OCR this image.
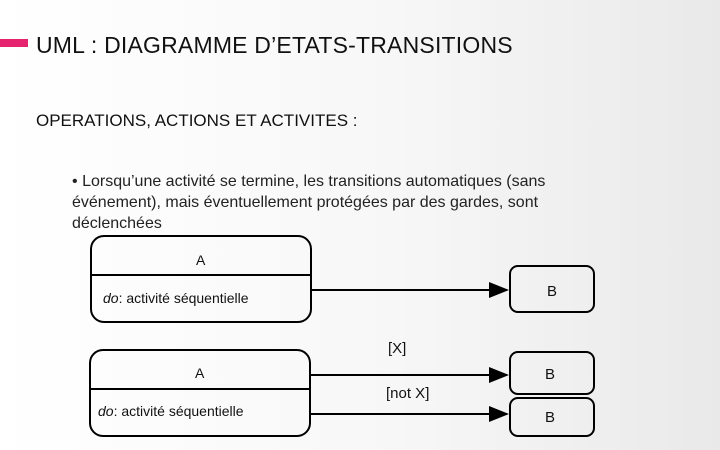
UML : DIAGRAMME D’ETATS-TRANSITIONS
OPERATIONS, ACTIONS ET ACTIVITES :
• Lorsqu’une activité se termine, les transitions automatiques (sans événement), mais éventuellement protégées par des gardes, sont déclenchées
A
do: activité séquentielle	B
A
do: activité séquentielle
B
B
[X]
[not X]
